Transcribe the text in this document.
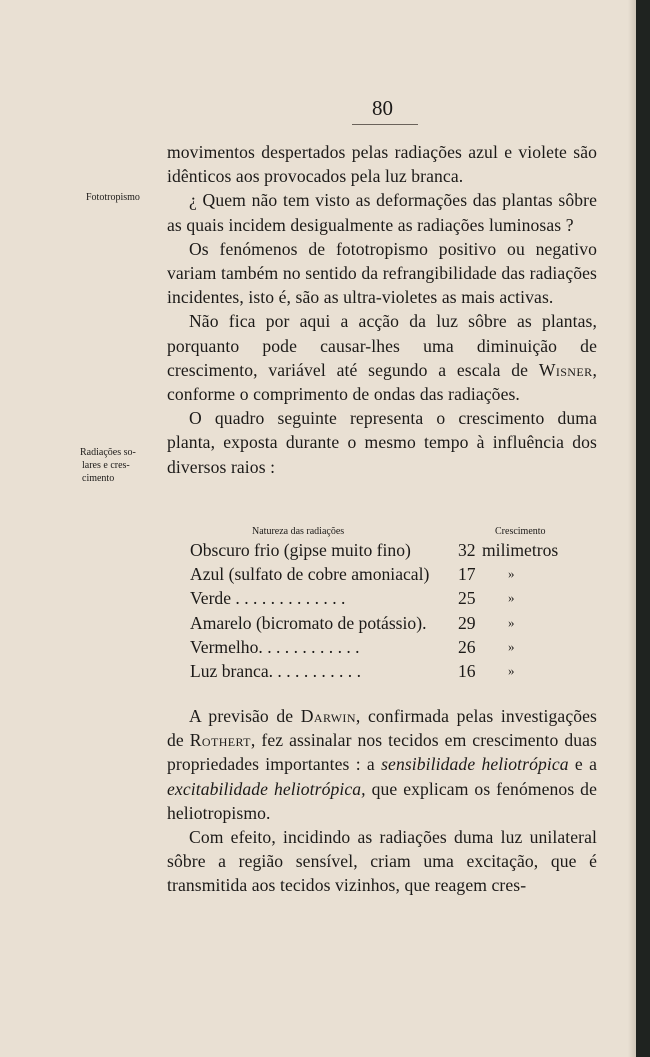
80
Fototropismo
Radiações so-
lares e cres-
cimento

movimentos despertados pelas radiações azul e violete são idênticos aos provocados pela luz branca.

¿ Quem não tem visto as deformações das plantas sôbre as quais incidem desigualmente as radiações luminosas ?

Os fenómenos de fototropismo positivo ou negativo variam também no sentido da refrangibilidade das radiações incidentes, isto é, são as ultra-violetes as mais activas.

Não fica por aqui a acção da luz sôbre as plantas, porquanto pode causar-lhes uma diminuição de crescimento, variável até segundo a escala de Wisner, conforme o comprimento de ondas das radiações.

O quadro seguinte representa o crescimento duma planta, exposta durante o mesmo tempo à influência dos diversos raios :

Natureza das radiações	Crescimento
Obscuro frio (gipse muito fino)	32 milimetros
Azul (sulfato de cobre amoniacal) 17 »
Verde . . . . . . . . . . . . .	25 »
Amarelo (bicromato de potássio). 29 »
Vermelho. . . . . . . . . . . .	26 »
Luz branca. . . . . . . . . . .	16 »

A previsão de Darwin, confirmada pelas investigações de Rothert, fez assinalar nos tecidos em crescimento duas propriedades importantes : a sensibilidade heliotrópica e a excitabilidade heliotrópica, que explicam os fenómenos de heliotropismo.

Com efeito, incidindo as radiações duma luz unilateral sôbre a região sensível, criam uma excitação, que é transmitida aos tecidos vizinhos, que reagem cres-
